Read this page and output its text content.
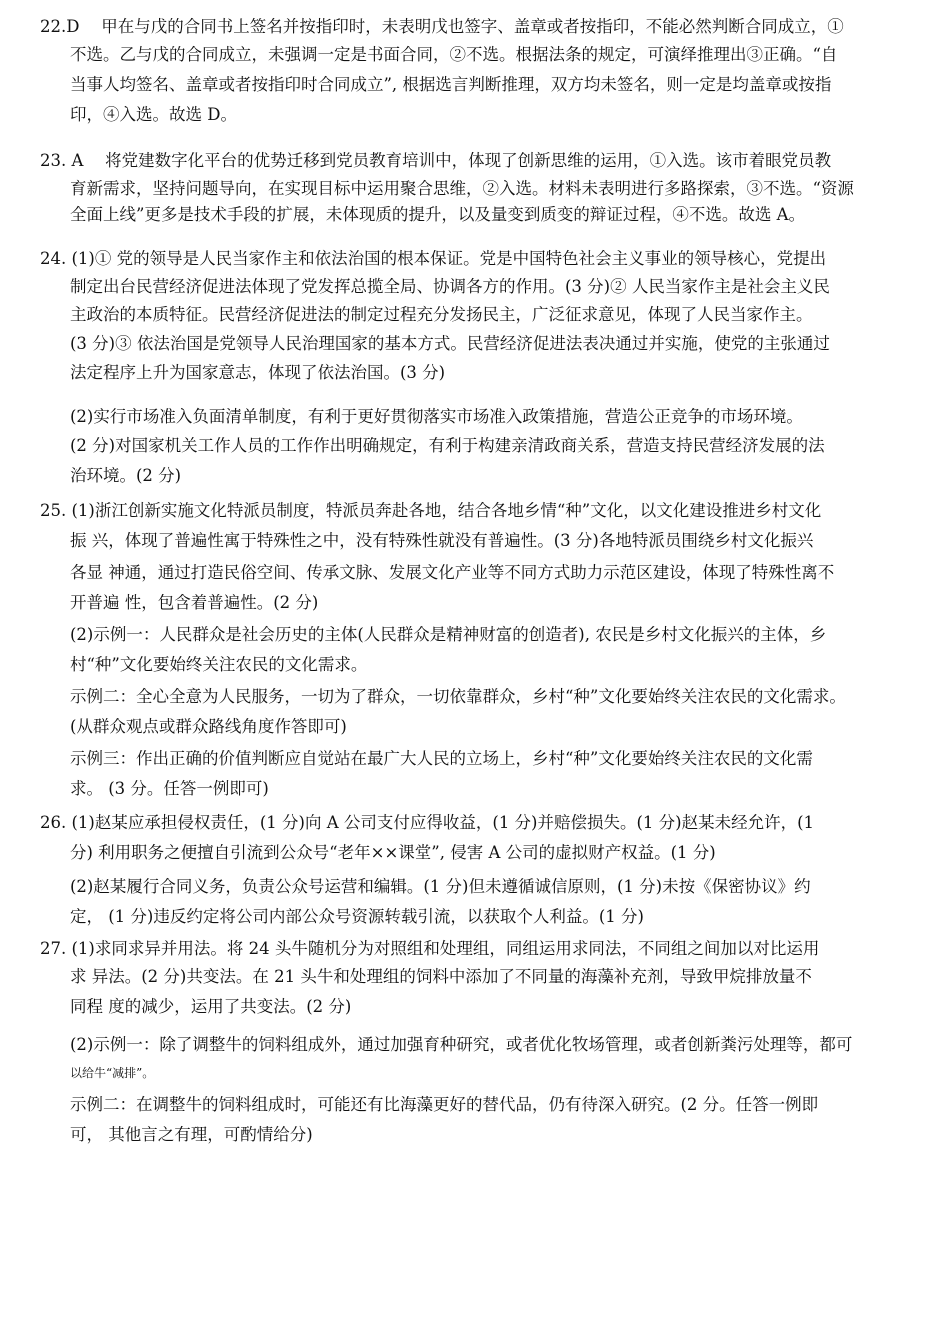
22.D　 甲在与戊的合同书上签名并按指印时，未表明戊也签字、盖章或者按指印，不能必然判断合同成立，①
不选。乙与戊的合同成立，未强调一定是书面合同，②不选。根据法条的规定，可演绎推理出③正确。“自
当事人均签名、盖章或者按指印时合同成立”, 根据选言判断推理，双方均未签名，则一定是均盖章或按指
印，④入选。故选 D。
23. A　 将党建数字化平台的优势迁移到党员教育培训中，体现了创新思维的运用，①入选。该市着眼党员教
育新需求，坚持问题导向，在实现目标中运用聚合思维，②入选。材料未表明进行多路探索，③不选。“资源
全面上线”更多是技术手段的扩展，未体现质的提升，以及量变到质变的辩证过程，④不选。故选 A。
24. (1)① 党的领导是人民当家作主和依法治国的根本保证。党是中国特色社会主义事业的领导核心，党提出
制定出台民营经济促进法体现了党发挥总揽全局、协调各方的作用。(3 分)② 人民当家作主是社会主义民
主政治的本质特征。民营经济促进法的制定过程充分发扬民主，广泛征求意见，体现了人民当家作主。
(3 分)③ 依法治国是党领导人民治理国家的基本方式。民营经济促进法表决通过并实施，使党的主张通过
法定程序上升为国家意志，体现了依法治国。(3 分)
(2)实行市场准入负面清单制度，有利于更好贯彻落实市场准入政策措施，营造公正竞争的市场环境。
(2 分)对国家机关工作人员的工作作出明确规定，有利于构建亲清政商关系，营造支持民营经济发展的法
治环境。(2 分)
25. (1)浙江创新实施文化特派员制度，特派员奔赴各地，结合各地乡情“种”文化，以文化建设推进乡村文化
振 兴，体现了普遍性寓于特殊性之中，没有特殊性就没有普遍性。(3 分)各地特派员围绕乡村文化振兴
各显 神通，通过打造民俗空间、传承文脉、发展文化产业等不同方式助力示范区建设，体现了特殊性离不
开普遍 性，包含着普遍性。(2 分)
(2)示例一：人民群众是社会历史的主体(人民群众是精神财富的创造者), 农民是乡村文化振兴的主体，乡
村“种”文化要始终关注农民的文化需求。
示例二：全心全意为人民服务，一切为了群众，一切依靠群众，乡村“种”文化要始终关注农民的文化需求。
(从群众观点或群众路线角度作答即可)
示例三：作出正确的价值判断应自觉站在最广大人民的立场上，乡村“种”文化要始终关注农民的文化需
求。 (3 分。任答一例即可)
26. (1)赵某应承担侵权责任，(1 分)向 A 公司支付应得收益，(1 分)并赔偿损失。(1 分)赵某未经允许，(1
分) 利用职务之便擅自引流到公众号“老年××课堂”, 侵害 A 公司的虚拟财产权益。(1 分)
(2)赵某履行合同义务，负责公众号运营和编辑。(1 分)但未遵循诚信原则，(1 分)未按《保密协议》约
定， (1 分)违反约定将公司内部公众号资源转载引流，以获取个人利益。(1 分)
27. (1)求同求异并用法。将 24 头牛随机分为对照组和处理组，同组运用求同法，不同组之间加以对比运用
求 异法。(2 分)共变法。在 21 头牛和处理组的饲料中添加了不同量的海藻补充剂，导致甲烷排放量不
同程 度的减少，运用了共变法。(2 分)
(2)示例一：除了调整牛的饲料组成外，通过加强育种研究，或者优化牧场管理，或者创新粪污处理等，都可
以给牛“减排”。
示例二：在调整牛的饲料组成时，可能还有比海藻更好的替代品，仍有待深入研究。(2 分。任答一例即
可， 其他言之有理，可酌情给分)
